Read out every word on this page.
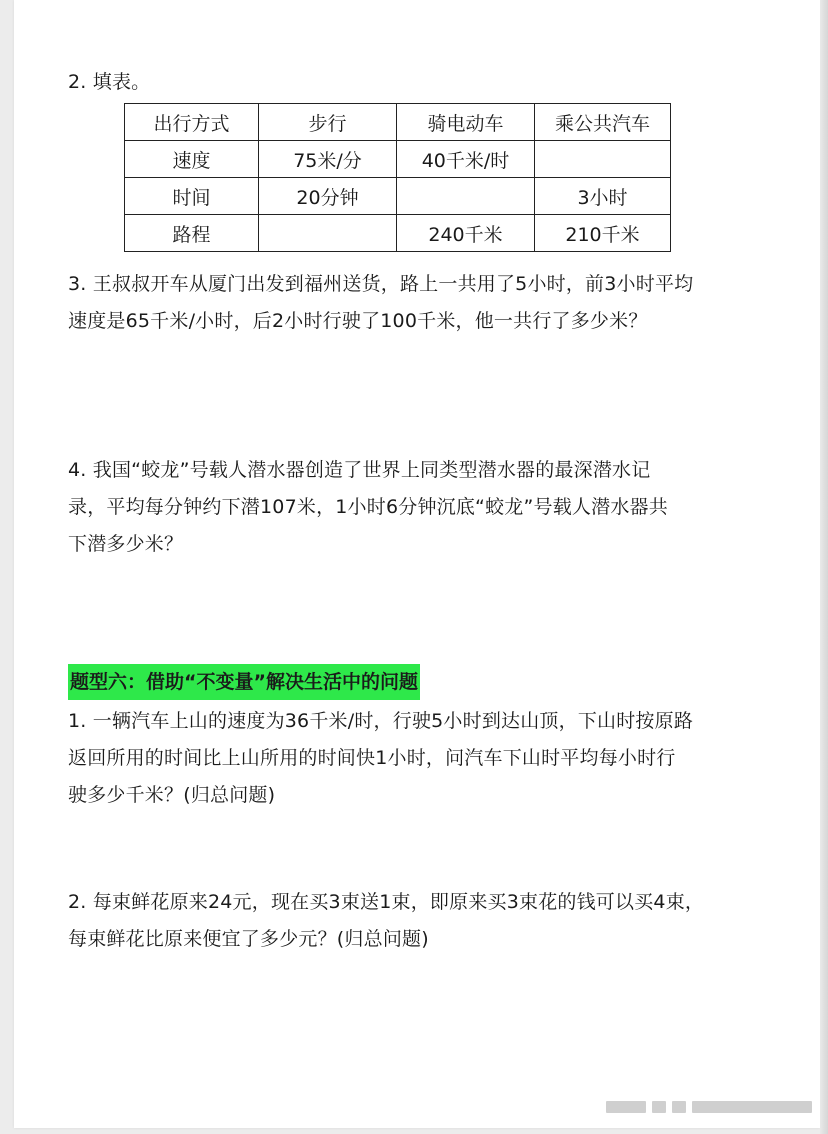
2. 填表。
出行方式	步行	骑电动车	乘公共汽车
速度	75米/分	40千米/时	
时间	20分钟		3小时
路程		240千米	210千米
3. 王叔叔开车从厦门出发到福州送货，路上一共用了5小时，前3小时平均
速度是65千米/小时，后2小时行驶了100千米，他一共行了多少米？
4. 我国“蛟龙”号载人潜水器创造了世界上同类型潜水器的最深潜水记
录，平均每分钟约下潜107米，1小时6分钟沉底“蛟龙”号载人潜水器共
下潜多少米？
题型六：借助“不变量”解决生活中的问题
1. 一辆汽车上山的速度为36千米/时，行驶5小时到达山顶，下山时按原路
返回所用的时间比上山所用的时间快1小时，问汽车下山时平均每小时行
驶多少千米？(归总问题)
2. 每束鲜花原来24元，现在买3束送1束，即原来买3束花的钱可以买4束，
每束鲜花比原来便宜了多少元？(归总问题)
